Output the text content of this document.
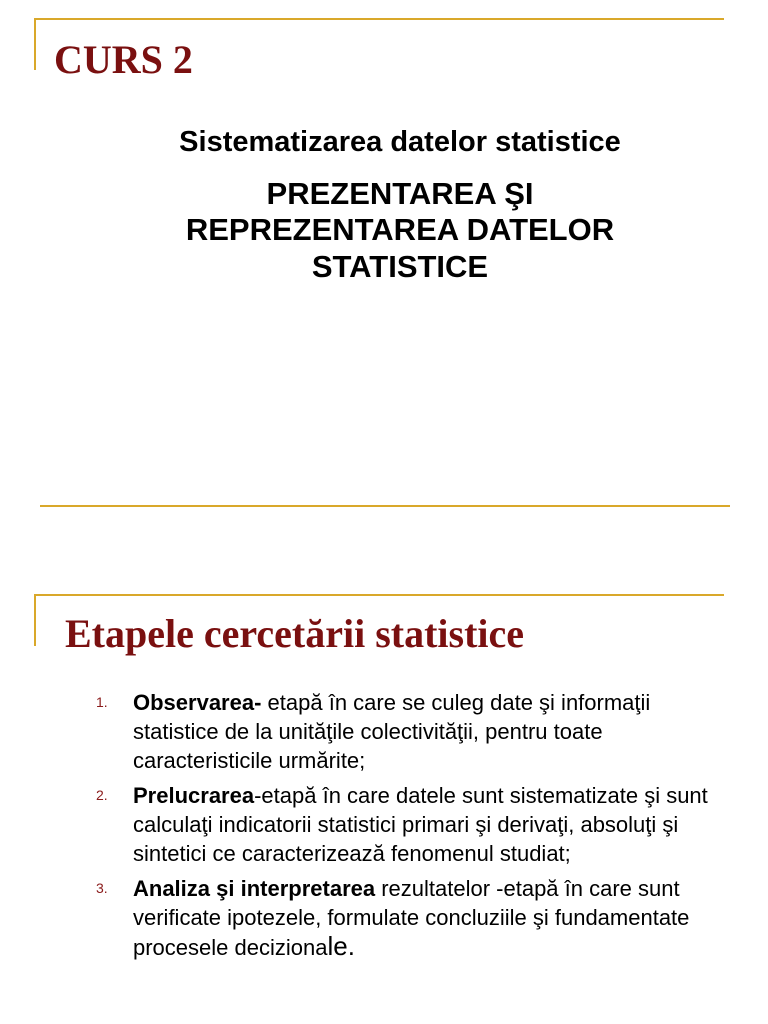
CURS 2
Sistematizarea datelor statistice
PREZENTAREA ŞI
REPREZENTAREA DATELOR
STATISTICE
Etapele cercetării statistice
1. Observarea- etapă în care se culeg date şi informaţii statistice de la unităţile colectivităţii, pentru toate caracteristicile urmărite;
2. Prelucrarea-etapă în care datele sunt sistematizate şi sunt calculaţi indicatorii statistici primari şi derivaţi, absoluţi şi sintetici ce caracterizează fenomenul studiat;
3. Analiza şi interpretarea rezultatelor -etapă în care sunt verificate ipotezele, formulate concluziile şi fundamentate procesele decizionale.
